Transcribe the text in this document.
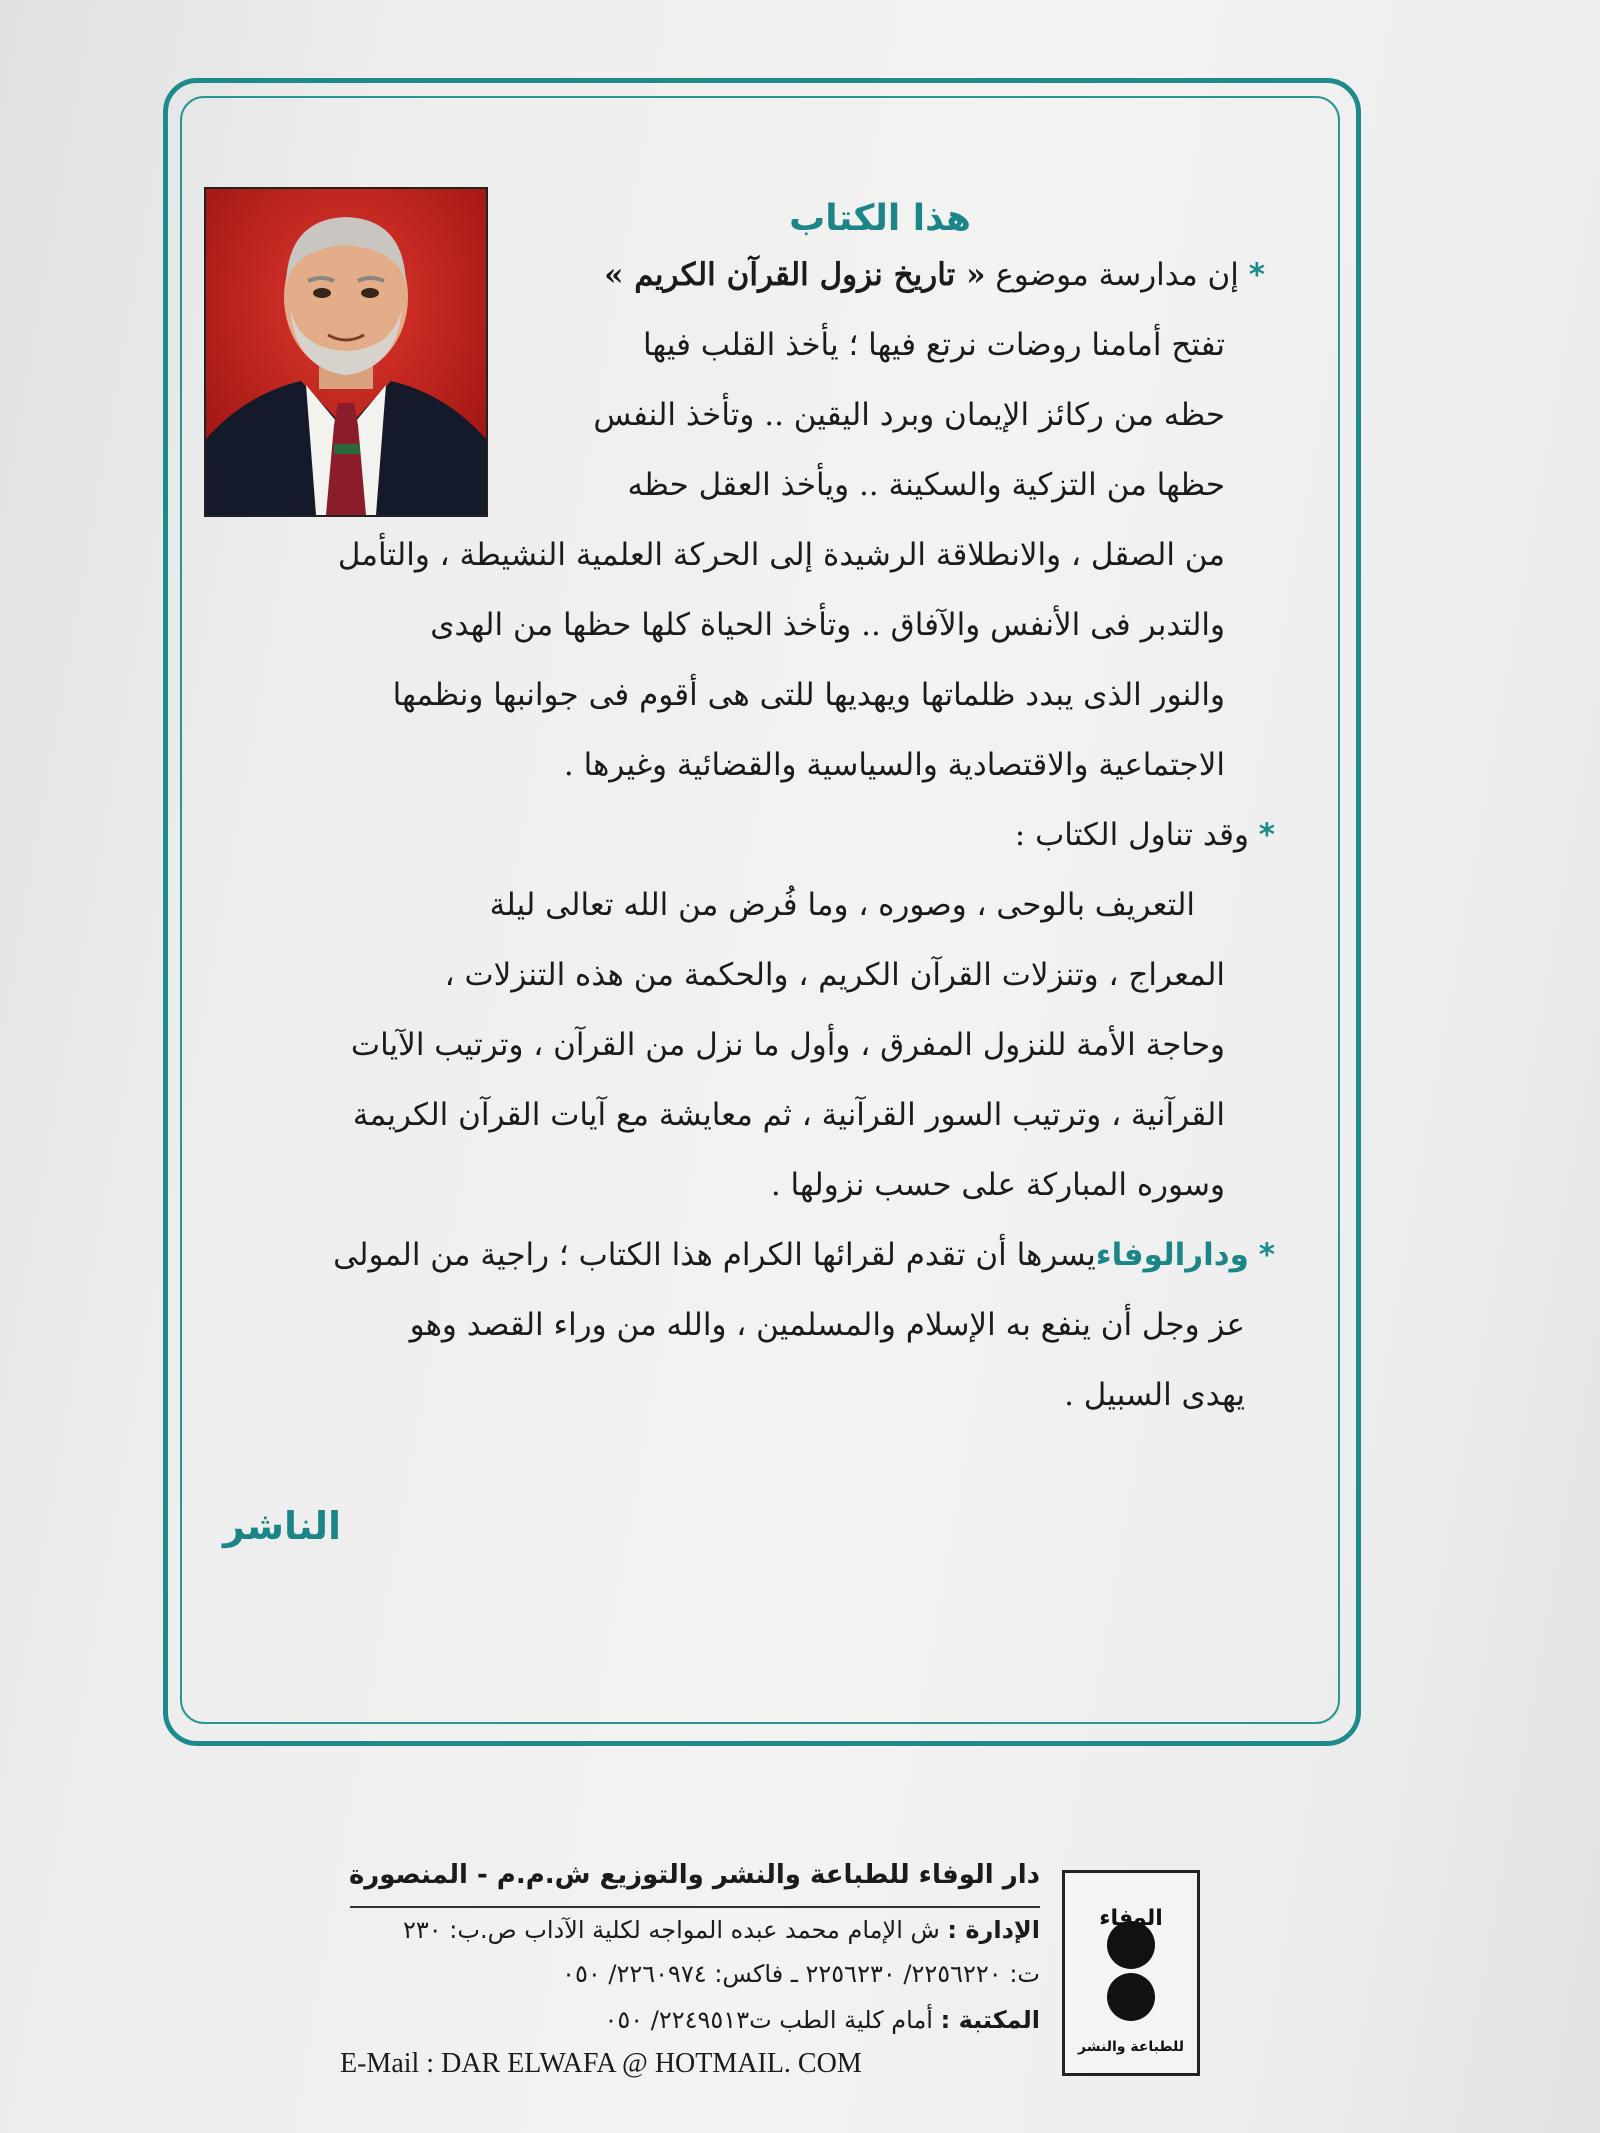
هذا الكتاب
* إن مدارسة موضوع « تاريخ نزول القرآن الكريم »
تفتح أمامنا روضات نرتع فيها ؛ يأخذ القلب فيها
حظه من ركائز الإيمان وبرد اليقين .. وتأخذ النفس
حظها من التزكية والسكينة .. ويأخذ العقل حظه
من الصقل ، والانطلاقة الرشيدة إلى الحركة العلمية النشيطة ، والتأمل
والتدبر فى الأنفس والآفاق .. وتأخذ الحياة كلها حظها من الهدى
والنور الذى يبدد ظلماتها ويهديها للتى هى أقوم فى جوانبها ونظمها
الاجتماعية والاقتصادية والسياسية والقضائية وغيرها .
* وقد تناول الكتاب :
التعريف بالوحى ، وصوره ، وما فُرض من الله تعالى ليلة
المعراج ، وتنزلات القرآن الكريم ، والحكمة من هذه التنزلات ،
وحاجة الأمة للنزول المفرق ، وأول ما نزل من القرآن ، وترتيب الآيات
القرآنية ، وترتيب السور القرآنية ، ثم معايشة مع آيات القرآن الكريمة
وسوره المباركة على حسب نزولها .
* ودارالوفاءيسرها أن تقدم لقرائها الكرام هذا الكتاب ؛ راجية من المولى
عز وجل أن ينفع به الإسلام والمسلمين ، والله من وراء القصد وهو
يهدى السبيل .
الناشر
دار الوفاء للطباعة والنشر والتوزيع ش.م.م - المنصورة
الإدارة : ش الإمام محمد عبده المواجه لكلية الآداب ص.ب: ٢٣٠
ت: ٢٢٥٦٢٢٠/ ٢٢٥٦٢٣٠ ـ فاكس: ٢٢٦٠٩٧٤/ ٠٥٠
المكتبة : أمام كلية الطب ت٢٢٤٩٥١٣/ ٠٥٠
E-Mail : DAR ELWAFA @ HOTMAIL. COM
الوفاء
للطباعة والنشر
